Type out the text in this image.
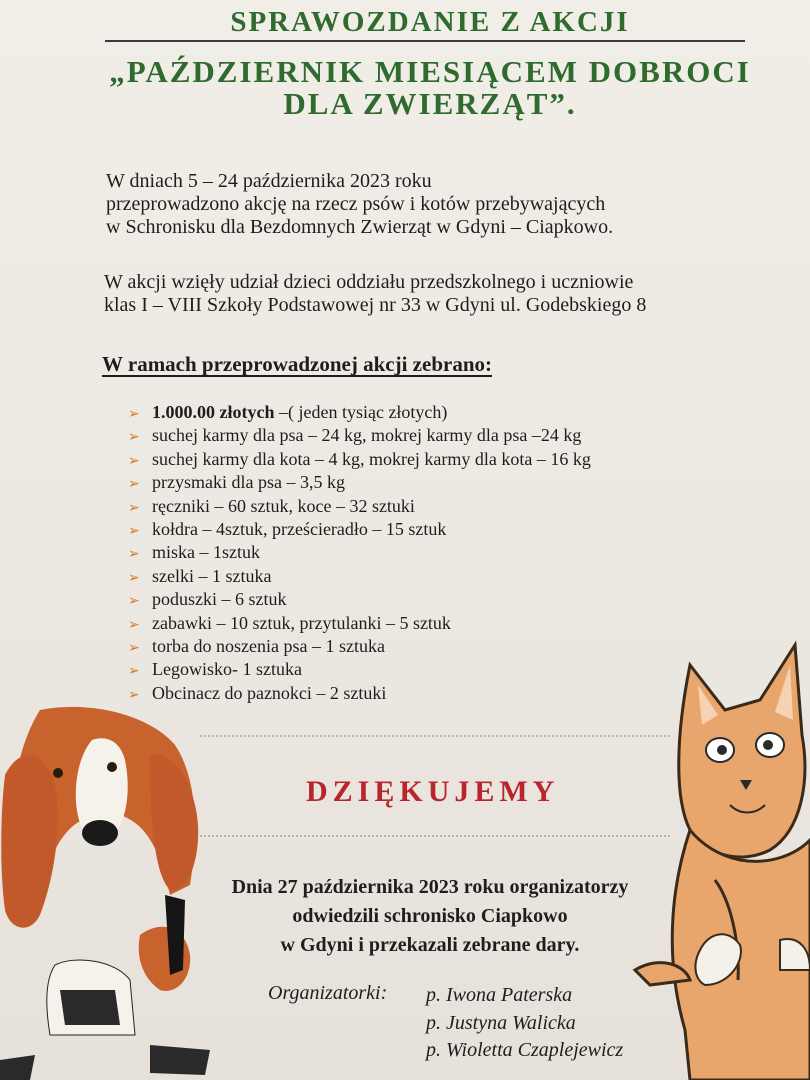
SPRAWOZDANIE Z AKCJI
„PAŹDZIERNIK MIESIĄCEM DOBROCI
DLA ZWIERZĄT”.
W dniach 5 – 24 października 2023 roku
przeprowadzono akcję na rzecz psów i kotów przebywających
w Schronisku dla Bezdomnych Zwierząt w Gdyni – Ciapkowo.
W akcji wzięły udział dzieci oddziału przedszkolnego i uczniowie
klas I – VIII Szkoły Podstawowej nr 33 w Gdyni ul. Godebskiego 8
W ramach przeprowadzonej akcji zebrano:
➢ 1.000.00 złotych –( jeden tysiąc złotych)
➢ suchej karmy dla psa – 24 kg, mokrej karmy dla psa –24 kg
➢ suchej karmy dla kota – 4 kg, mokrej karmy dla kota – 16 kg
➢ przysmaki dla psa – 3,5 kg
➢ ręczniki – 60 sztuk, koce – 32 sztuki
➢ kołdra – 4sztuk, prześcieradło – 15 sztuk
➢ miska – 1sztuk
➢ szelki – 1 sztuka
➢ poduszki – 6 sztuk
➢ zabawki – 10 sztuk, przytulanki – 5 sztuk
➢ torba do noszenia psa – 1 sztuka
➢ Legowisko- 1 sztuka
➢ Obcinacz do paznokci – 2 sztuki
DZIĘKUJEMY
Dnia 27 października 2023 roku organizatorzy
odwiedzili schronisko Ciapkowo
w Gdyni i przekazali zebrane dary.
Organizatorki: p. Iwona Paterska
p. Justyna Walicka
p. Wioletta Czaplejewicz
